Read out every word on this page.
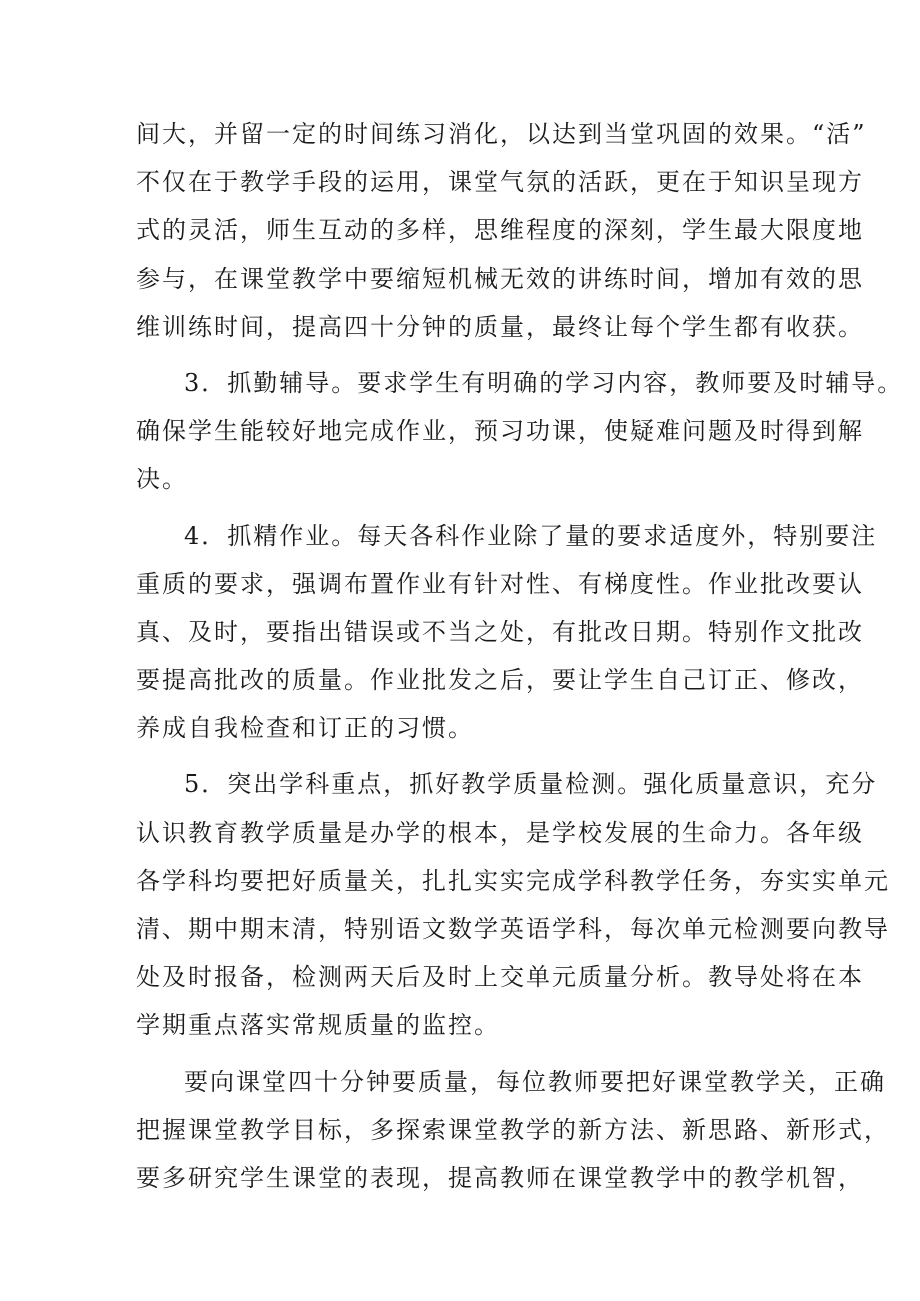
间大，并留一定的时间练习消化，以达到当堂巩固的效果。“活”
不仅在于教学手段的运用，课堂气氛的活跃，更在于知识呈现方
式的灵活，师生互动的多样，思维程度的深刻，学生最大限度地
参与，在课堂教学中要缩短机械无效的讲练时间，增加有效的思
维训练时间，提高四十分钟的质量，最终让每个学生都有收获。
3．抓勤辅导。要求学生有明确的学习内容，教师要及时辅导。
确保学生能较好地完成作业，预习功课，使疑难问题及时得到解
决。
4．抓精作业。每天各科作业除了量的要求适度外，特别要注
重质的要求，强调布置作业有针对性、有梯度性。作业批改要认
真、及时，要指出错误或不当之处，有批改日期。特别作文批改
要提高批改的质量。作业批发之后，要让学生自己订正、修改，
养成自我检查和订正的习惯。
5．突出学科重点，抓好教学质量检测。强化质量意识，充分
认识教育教学质量是办学的根本，是学校发展的生命力。各年级
各学科均要把好质量关，扎扎实实完成学科教学任务，夯实实单元
清、期中期末清，特别语文数学英语学科，每次单元检测要向教导
处及时报备，检测两天后及时上交单元质量分析。教导处将在本
学期重点落实常规质量的监控。
要向课堂四十分钟要质量，每位教师要把好课堂教学关，正确
把握课堂教学目标，多探索课堂教学的新方法、新思路、新形式，
要多研究学生课堂的表现，提高教师在课堂教学中的教学机智，
